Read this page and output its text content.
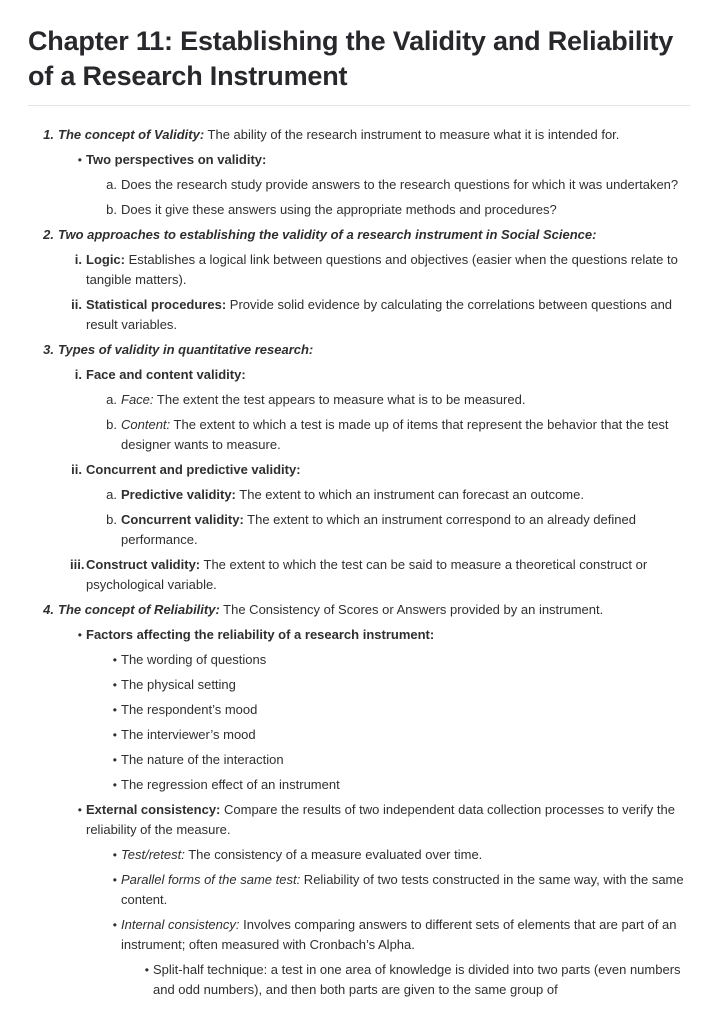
Chapter 11: Establishing the Validity and Reliability of a Research Instrument
1. The concept of Validity: The ability of the research instrument to measure what it is intended for.
• Two perspectives on validity:
a. Does the research study provide answers to the research questions for which it was undertaken?
b. Does it give these answers using the appropriate methods and procedures?
2. Two approaches to establishing the validity of a research instrument in Social Science:
i. Logic: Establishes a logical link between questions and objectives (easier when the questions relate to tangible matters).
ii. Statistical procedures: Provide solid evidence by calculating the correlations between questions and result variables.
3. Types of validity in quantitative research:
i. Face and content validity:
a. Face: The extent the test appears to measure what is to be measured.
b. Content: The extent to which a test is made up of items that represent the behavior that the test designer wants to measure.
ii. Concurrent and predictive validity:
a. Predictive validity: The extent to which an instrument can forecast an outcome.
b. Concurrent validity: The extent to which an instrument correspond to an already defined performance.
iii. Construct validity: The extent to which the test can be said to measure a theoretical construct or psychological variable.
4. The concept of Reliability: The Consistency of Scores or Answers provided by an instrument.
• Factors affecting the reliability of a research instrument:
• The wording of questions
• The physical setting
• The respondent’s mood
• The interviewer’s mood
• The nature of the interaction
• The regression effect of an instrument
• External consistency: Compare the results of two independent data collection processes to verify the reliability of the measure.
• Test/retest: The consistency of a measure evaluated over time.
• Parallel forms of the same test: Reliability of two tests constructed in the same way, with the same content.
• Internal consistency: Involves comparing answers to different sets of elements that are part of an instrument; often measured with Cronbach’s Alpha.
• Split-half technique: a test in one area of knowledge is divided into two parts (even numbers and odd numbers), and then both parts are given to the same group of
